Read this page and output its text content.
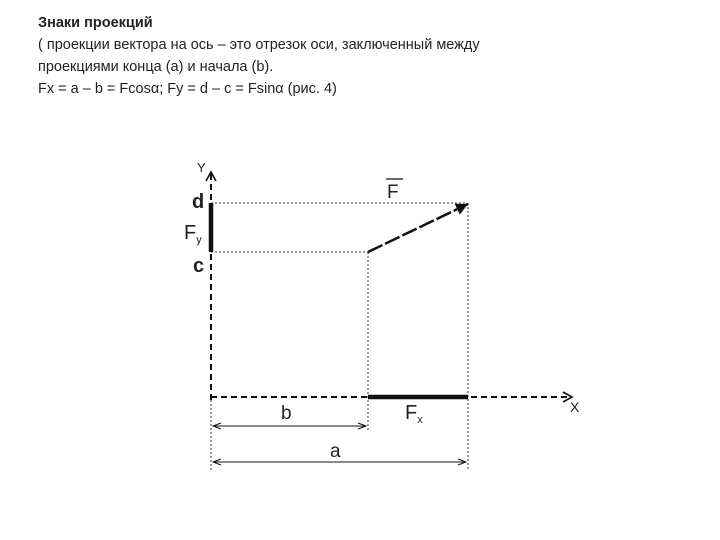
Знаки проекций
( проекции вектора на ось – это отрезок оси, заключенный между
проекциями конца (а) и начала (b).
Fx = a – b = Fcosα; Fy = d – c = Fsinα (рис. 4)
F
b
a
Y
X
d
c
$F_y$
$F_x$
